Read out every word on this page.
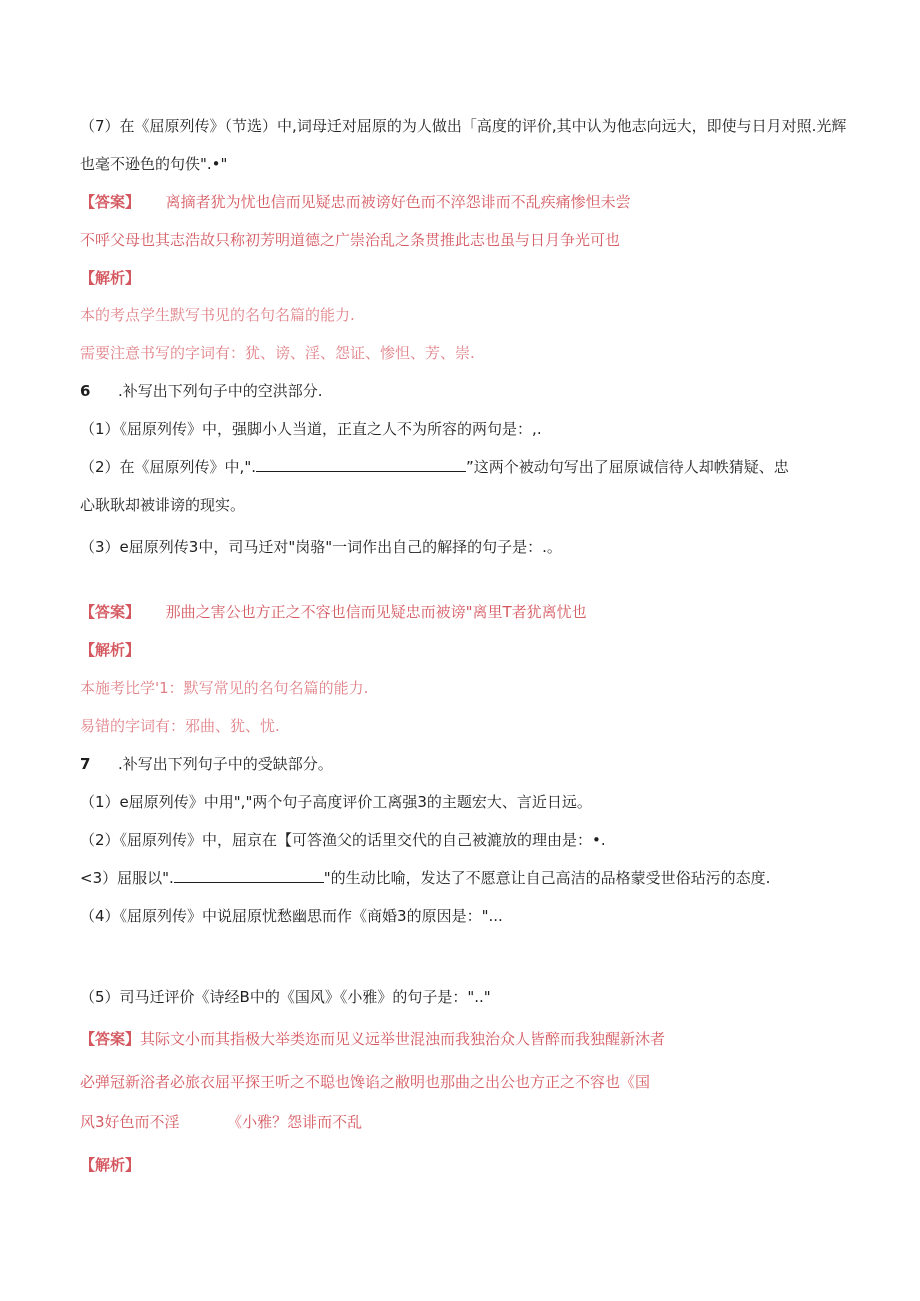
（7）在《屈原列传》（节选）中,词母迁对屈原的为人做出「高度的评价,其中认为他志向远大，即使与日月对照.光辉
也毫不逊色的句佚".•"
【答案】 离摘者犹为忧也信而见疑忠而被谤好色而不淬怨诽而不乱疾痛惨怛未尝
不呼父母也其志浩故只称初芳明道德之广崇治乱之条贯推此志也虽与日月争光可也
【解析】
本的考点学生默写书见的名句名篇的能力.
需要注意书写的字词有：犹、谤、淫、怨证、惨怛、芳、崇.
6 .补写出下列句子中的空洪部分.
（1）《屈原列传》中，强脚小人当道，正直之人不为所容的两句是：,.
（2）在《屈原列传》中,".	”这两个被动句写出了屈原诚信待人却帙猜疑、忠
心耿耿却被诽谤的现实。
（3）e屈原列传3中，司马迁对"岗骆"一词作出自己的解择的句子是：.。
【答案】 那曲之害公也方正之不容也信而见疑忠而被谤"离里T者犹离忧也
【解析】
本施考比学'1：默写常见的名句名篇的能力.
易错的字词有：邪曲、犹、忧.
7 .补写出下列句子中的受缺部分。
（1）e屈原列传》中用","两个句子高度评价工离强3的主题宏大、言近日远。
（2）《屈原列传》中，屈京在【可答渔父的话里交代的自己被漉放的理由是：•.
<3）屈服以".	"的生动比喻，发达了不愿意让自己高洁的品格蒙受世俗玷污的态度.
（4）《屈原列传》中说屈原忧愁幽思而作《商婚3的原因是："...
（5）司马迁评价《诗经B中的《国风》《小雅》的句子是：".."
【答案】其际文小而其指极大举类迩而见义远举世混浊而我独治众人皆醉而我独醒新沐者
必弹冠新浴者必旅衣屈平探王听之不聪也馋谄之敝明也那曲之出公也方正之不容也《国
风3好色而不淫	《小雅？怨诽而不乱
【解析】
